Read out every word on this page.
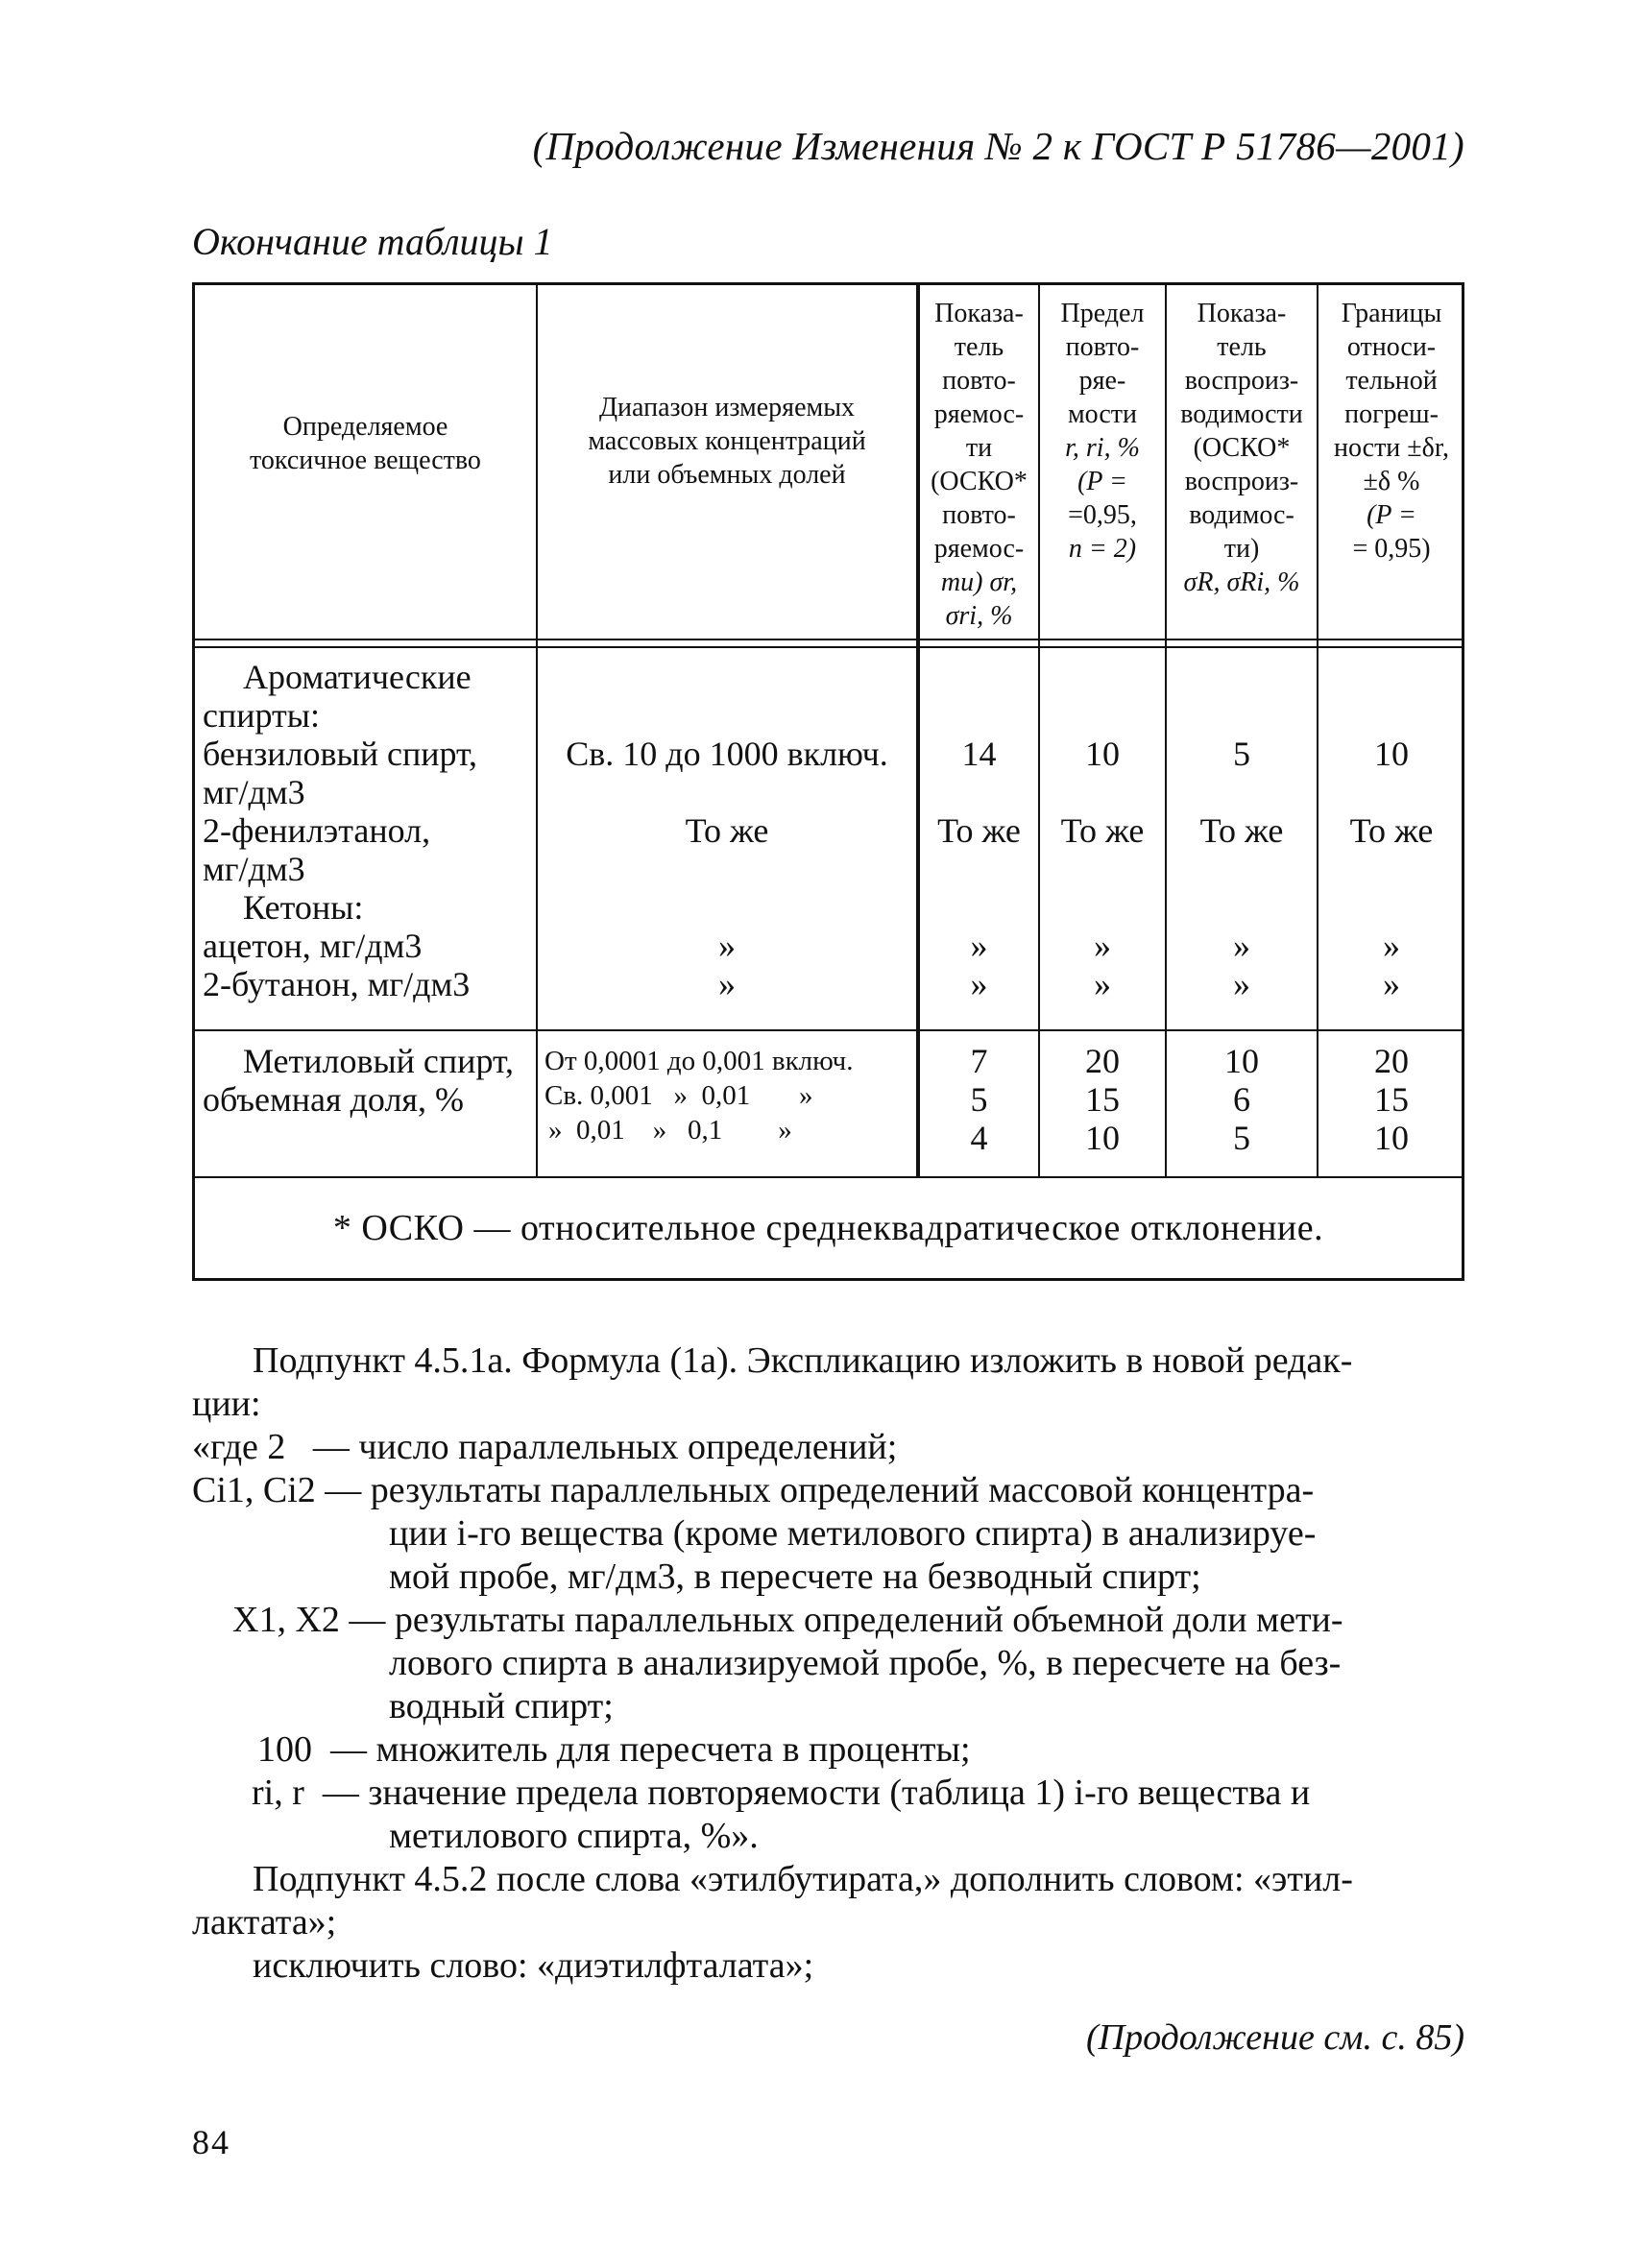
(Продолжение Изменения № 2 к ГОСТ Р 51786—2001)
Окончание таблицы 1
Определяемое
токсичное вещество
Диапазон измеряемых
массовых концентраций
или объемных долей
Показа-
тель
повто-
ряемос-
ти
(ОСКО*
повто-
ряемос-
ти) σr,
σri, %
Предел
повто-
ряе-
мости
r, ri, %
(P =
=0,95,
n = 2)
Показа-
тель
воспроиз-
водимости
(ОСКО*
воспроиз-
водимос-
ти)
σR, σRi, %
Границы
относи-
тельной
погреш-
ности ±δr,
±δ %
(P =
= 0,95)
Ароматические
спирты:
бензиловый спирт,
мг/дм3
2-фенилэтанол,
мг/дм3
Кетоны:
ацетон, мг/дм3
2-бутанон, мг/дм3
Св. 10 до 1000 включ.
То же
»
»
14
То же
»
»
10
То же
»
»
5
То же
»
»
10
То же
»
»
Метиловый спирт,
объемная доля, %
От 0,0001 до 0,001 включ.
Св. 0,001   »  0,01       »
»  0,01    »   0,1        »
7
5
4
20
15
10
10
6
5
20
15
10
* ОСКО — относительное среднеквадратическое отклонение.
Подпункт 4.5.1а. Формула (1а). Экспликацию изложить в новой редак-
ции:
«где 2   — число параллельных определений;
Ci1, Ci2 — результаты параллельных определений массовой концентра-
ции i-го вещества (кроме метилового спирта) в анализируе-
мой пробе, мг/дм3, в пересчете на безводный спирт;
X1, X2 — результаты параллельных определений объемной доли мети-
лового спирта в анализируемой пробе, %, в пересчете на без-
водный спирт;
100  — множитель для пересчета в проценты;
ri, r  — значение предела повторяемости (таблица 1) i-го вещества и
метилового спирта, %».
Подпункт 4.5.2 после слова «этилбутирата,» дополнить словом: «этил-
лактата»;
исключить слово: «диэтилфталата»;
(Продолжение см. с. 85)
84
